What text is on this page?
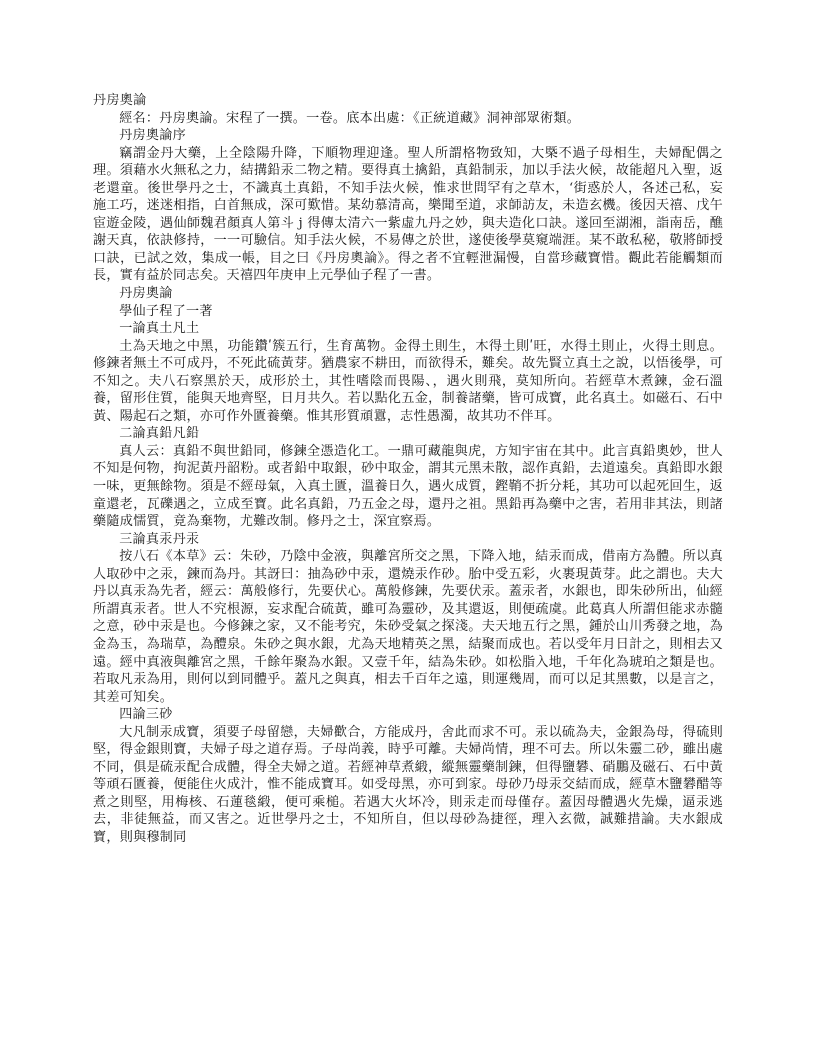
丹房奧論

經名：丹房奧論。宋程了一撰。一卷。底本出處：《正統道藏》洞神部眾術類。

丹房奧論序

竊謂金丹大藥，上全陰陽升降，下順物理迎逢。聖人所謂格物致知，大槩不過子母相生，夫婦配偶之理。須藉水火無私之力，結搆鉛汞二物之精。要得真土擒鉛，真鉛制汞，加以手法火候，故能超凡入聖，返老還童。後世學丹之士，不識真土真鉛，不知手法火候，惟求世問罕有之草木，‘街惑於人，各述己私，妄施工巧，迷迷相指，白首無成，深可歎惜。某幼慕清高，樂聞至道，求師訪友，未造玄機。後因天禧、戊午宦遊金陵，遇仙師魏君顏真人第斗 j 得傳太清六一紫虛九丹之妙，與夫造化口訣。遂回至湖湘，詣南岳，醮謝天真，依訣修持，一一可驗信。知手法火候，不易傳之於世，遂使後學莫窺端涯。某不敢私秘，敬將師授口訣，已試之效，集成一帳，目之曰《丹房奧論》。得之者不宜輕泄漏慢，自當珍藏寶惜。觀此若能觸類而長，實有益於同志矣。天禧四年庚申上元學仙子程了一書。

丹房奧論

學仙子程了一著

一論真土凡土

土為天地之中黑，功能鑽ʹ簇五行，生育萬物。金得土則生，木得土則ʹ旺，水得土則止，火得土則息。修鍊者無土不可成丹，不死此硫黃芽。猶農家不耕田，而欲得禾，難矣。故先賢立真土之說，以悟後學，可不知之。夫八石察黑於天，成形於土，其性嗜陰而畏陽、，遇火則飛，莫知所向。若經草木煮鍊，金石溫養，留形住質，能與天地齊堅，日月共久。若以點化五金，制養諸藥，皆可成寶，此名真土。如磁石、石中黃、陽起石之類，亦可作外匱養藥。惟其形質頑囂，志性愚濁，故其功不伴耳。

二論真鉛凡鉛

真人云：真鉛不與世鉛同，修鍊全憑造化工。一鼎可藏龍與虎，方知宇宙在其中。此言真鉛奧妙，世人不知是何物，拘泥黃丹韶粉。或者鉛中取銀，砂中取金，謂其元黑未散，認作真鉛，去道遠矣。真鉛即水銀一味，更無餘物。須是不經母氣，入真土匱，溫養日久，遇火成質，鏗鞘不折分耗，其功可以起死回生，返童還老，瓦礫遇之，立成至寶。此名真鉛，乃五金之母，還丹之祖。黑鉛再為藥中之害，若用非其法，則諸藥隨成懦質，竟為棄物，尤難改制。修丹之士，深宜察焉。

三論真汞丹汞

按八石《本草》云：朱砂，乃陰中金液，與離宮所交之黑，下降入地，結汞而成，借南方為體。所以真人取砂中之汞，鍊而為丹。其訝曰：抽為砂中汞，還燒汞作砂。胎中受五彩，火裹現黃芽。此之謂也。夫大丹以真汞為先者，經云：萬般修行，先要伏心。萬般修鍊，先要伏汞。蓋汞者，水銀也，即朱砂所出，仙經所謂真汞者。世人不究根源，妄求配合硫黃，雖可為靈砂，及其還返，則便疏虞。此葛真人所謂但能求赤髓之意，砂中汞是也。今修鍊之家，又不能考究，朱砂受氣之探淺。夫天地五行之黑，鍾於山川秀發之地，為金為玉，為瑞草，為醴泉。朱砂之與水銀，尤為天地精英之黑，結聚而成也。若以受年月日計之，則相去又遠。經中真液與離宮之黑，千餘年聚為水銀。又壹千年，結為朱砂。如松脂入地，千年化為琥珀之類是也。若取凡汞為用，則何以到同體乎。蓋凡之與真，相去千百年之遠，則運幾周，而可以足其黑數，以是言之，其差可知矣。

四論三砂

大凡制汞成寶，須要子母留戀，夫婦歡合，方能成丹，舍此而求不可。汞以硫為夫，金銀為母，得硫則堅，得金銀則寶，夫婦子母之道存焉。子母尚義，時乎可離。夫婦尚情，理不可去。所以朱靈二砂，雖出處不同，俱是硫汞配合成體，得全夫婦之道。若經神草煮緞，縱無靈藥制鍊，但得鹽礬、硝鵬及磁石、石中黃等頑石匱養，便能住火成汁，惟不能成寶耳。如受母黑，亦可到家。母砂乃母汞交結而成，經草木鹽礬醋等煮之則堅，用梅核、石蓮毯緞，便可乘槌。若遇大火坏冷，則汞走而母僅存。蓋因母體遇火先燥，逼汞逃去，非徒無益，而又害之。近世學丹之士，不知所自，但以母砂為捷徑，理入玄微，誠難措論。夫水銀成寶，則與穆制同
